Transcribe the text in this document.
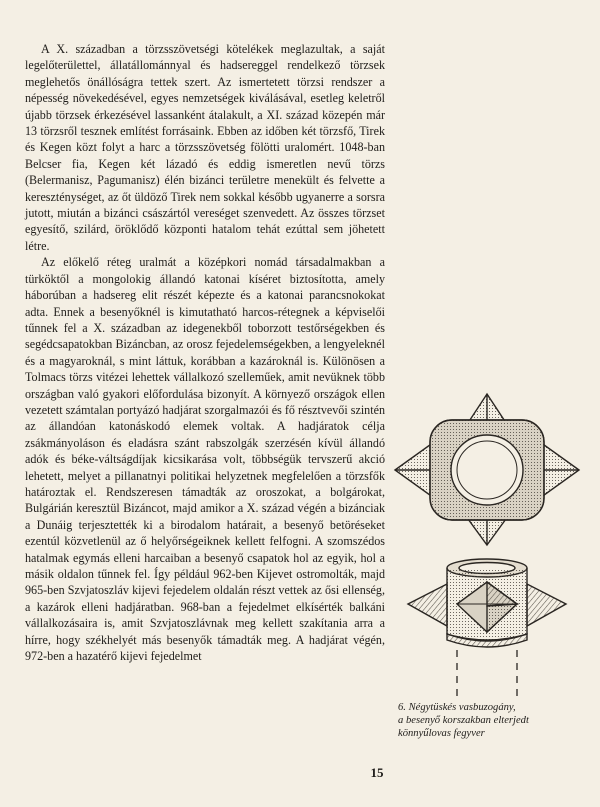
A X. században a törzsszövetségi kötelékek meglazultak, a saját legelőterülettel, állatállománnyal és hadsereggel rendelkező törzsek meglehetős önállóságra tettek szert. Az ismertetett törzsi rendszer a népesség növekedésével, egyes nemzetségek kiválásával, esetleg keletről újabb törzsek érkezésével lassanként átalakult, a XI. század közepén már 13 törzsről tesznek említést forrásaink. Ebben az időben két törzsfő, Tirek és Kegen közt folyt a harc a törzsszövetség fölötti uralomért. 1048-ban Belcser fia, Kegen két lázadó és eddig ismeretlen nevű törzs (Belermanisz, Pagumanisz) élén bizánci területre menekült és felvette a kereszténységet, az őt üldöző Tirek nem sokkal később ugyanerre a sorsra jutott, miután a bizánci császártól vereséget szenvedett. Az összes törzset egyesítő, szilárd, öröklődő központi hatalom tehát ezúttal sem jöhetett létre.

Az előkelő réteg uralmát a középkori nomád társadalmakban a türköktől a mongolokig állandó katonai kíséret biztosította, amely háborúban a hadsereg elit részét képezte és a katonai parancsnokokat adta. Ennek a besenyőknél is kimutatható harcos-rétegnek a képviselői tűnnek fel a X. században az idegenekből toborzott testőrségekben és segédcsapatokban Bizáncban, az orosz fejedelemségekben, a lengyeleknél és a magyaroknál, s mint láttuk, korábban a kazároknál is. Különösen a Tolmacs törzs vitézei lehettek vállalkozó szelleműek, amit nevüknek több országban való gyakori előfordulása bizonyít. A környező országok ellen vezetett számtalan portyázó hadjárat szorgalmazói és fő résztvevői szintén az állandóan katonáskodó elemek voltak. A hadjáratok célja zsákmányoláson és eladásra szánt rabszolgák szerzésén kívül állandó adók és béke-váltságdíjak kicsikarása volt, többségük tervszerű akció lehetett, melyet a pillanatnyi politikai helyzetnek megfelelően a törzsfők határoztak el. Rendszeresen támadták az oroszokat, a bolgárokat, Bulgárián keresztül Bizáncot, majd amikor a X. század végén a bizánciak a Dunáig terjesztették ki a birodalom határait, a besenyő betöréseket ezentúl közvetlenül az ő helyőrségeiknek kellett felfogni. A szomszédos hatalmak egymás elleni harcaiban a besenyő csapatok hol az egyik, hol a másik oldalon tűnnek fel. Így például 962-ben Kijevet ostromolták, majd 965-ben Szvjatoszláv kijevi fejedelem oldalán részt vettek az ősi ellenség, a kazárok elleni hadjáratban. 968-ban a fejedelmet elkísérték balkáni vállalkozásaira is, amit Szvjatoszlávnak meg kellett szakítania arra a hírre, hogy székhelyét más besenyők támadták meg. A hadjárat végén, 972-ben a hazatérő kijevi fejedelmet

6. Négytüskés vasbuzogány,
a besenyő korszakban elterjedt
könnyűlovas fegyver
15
